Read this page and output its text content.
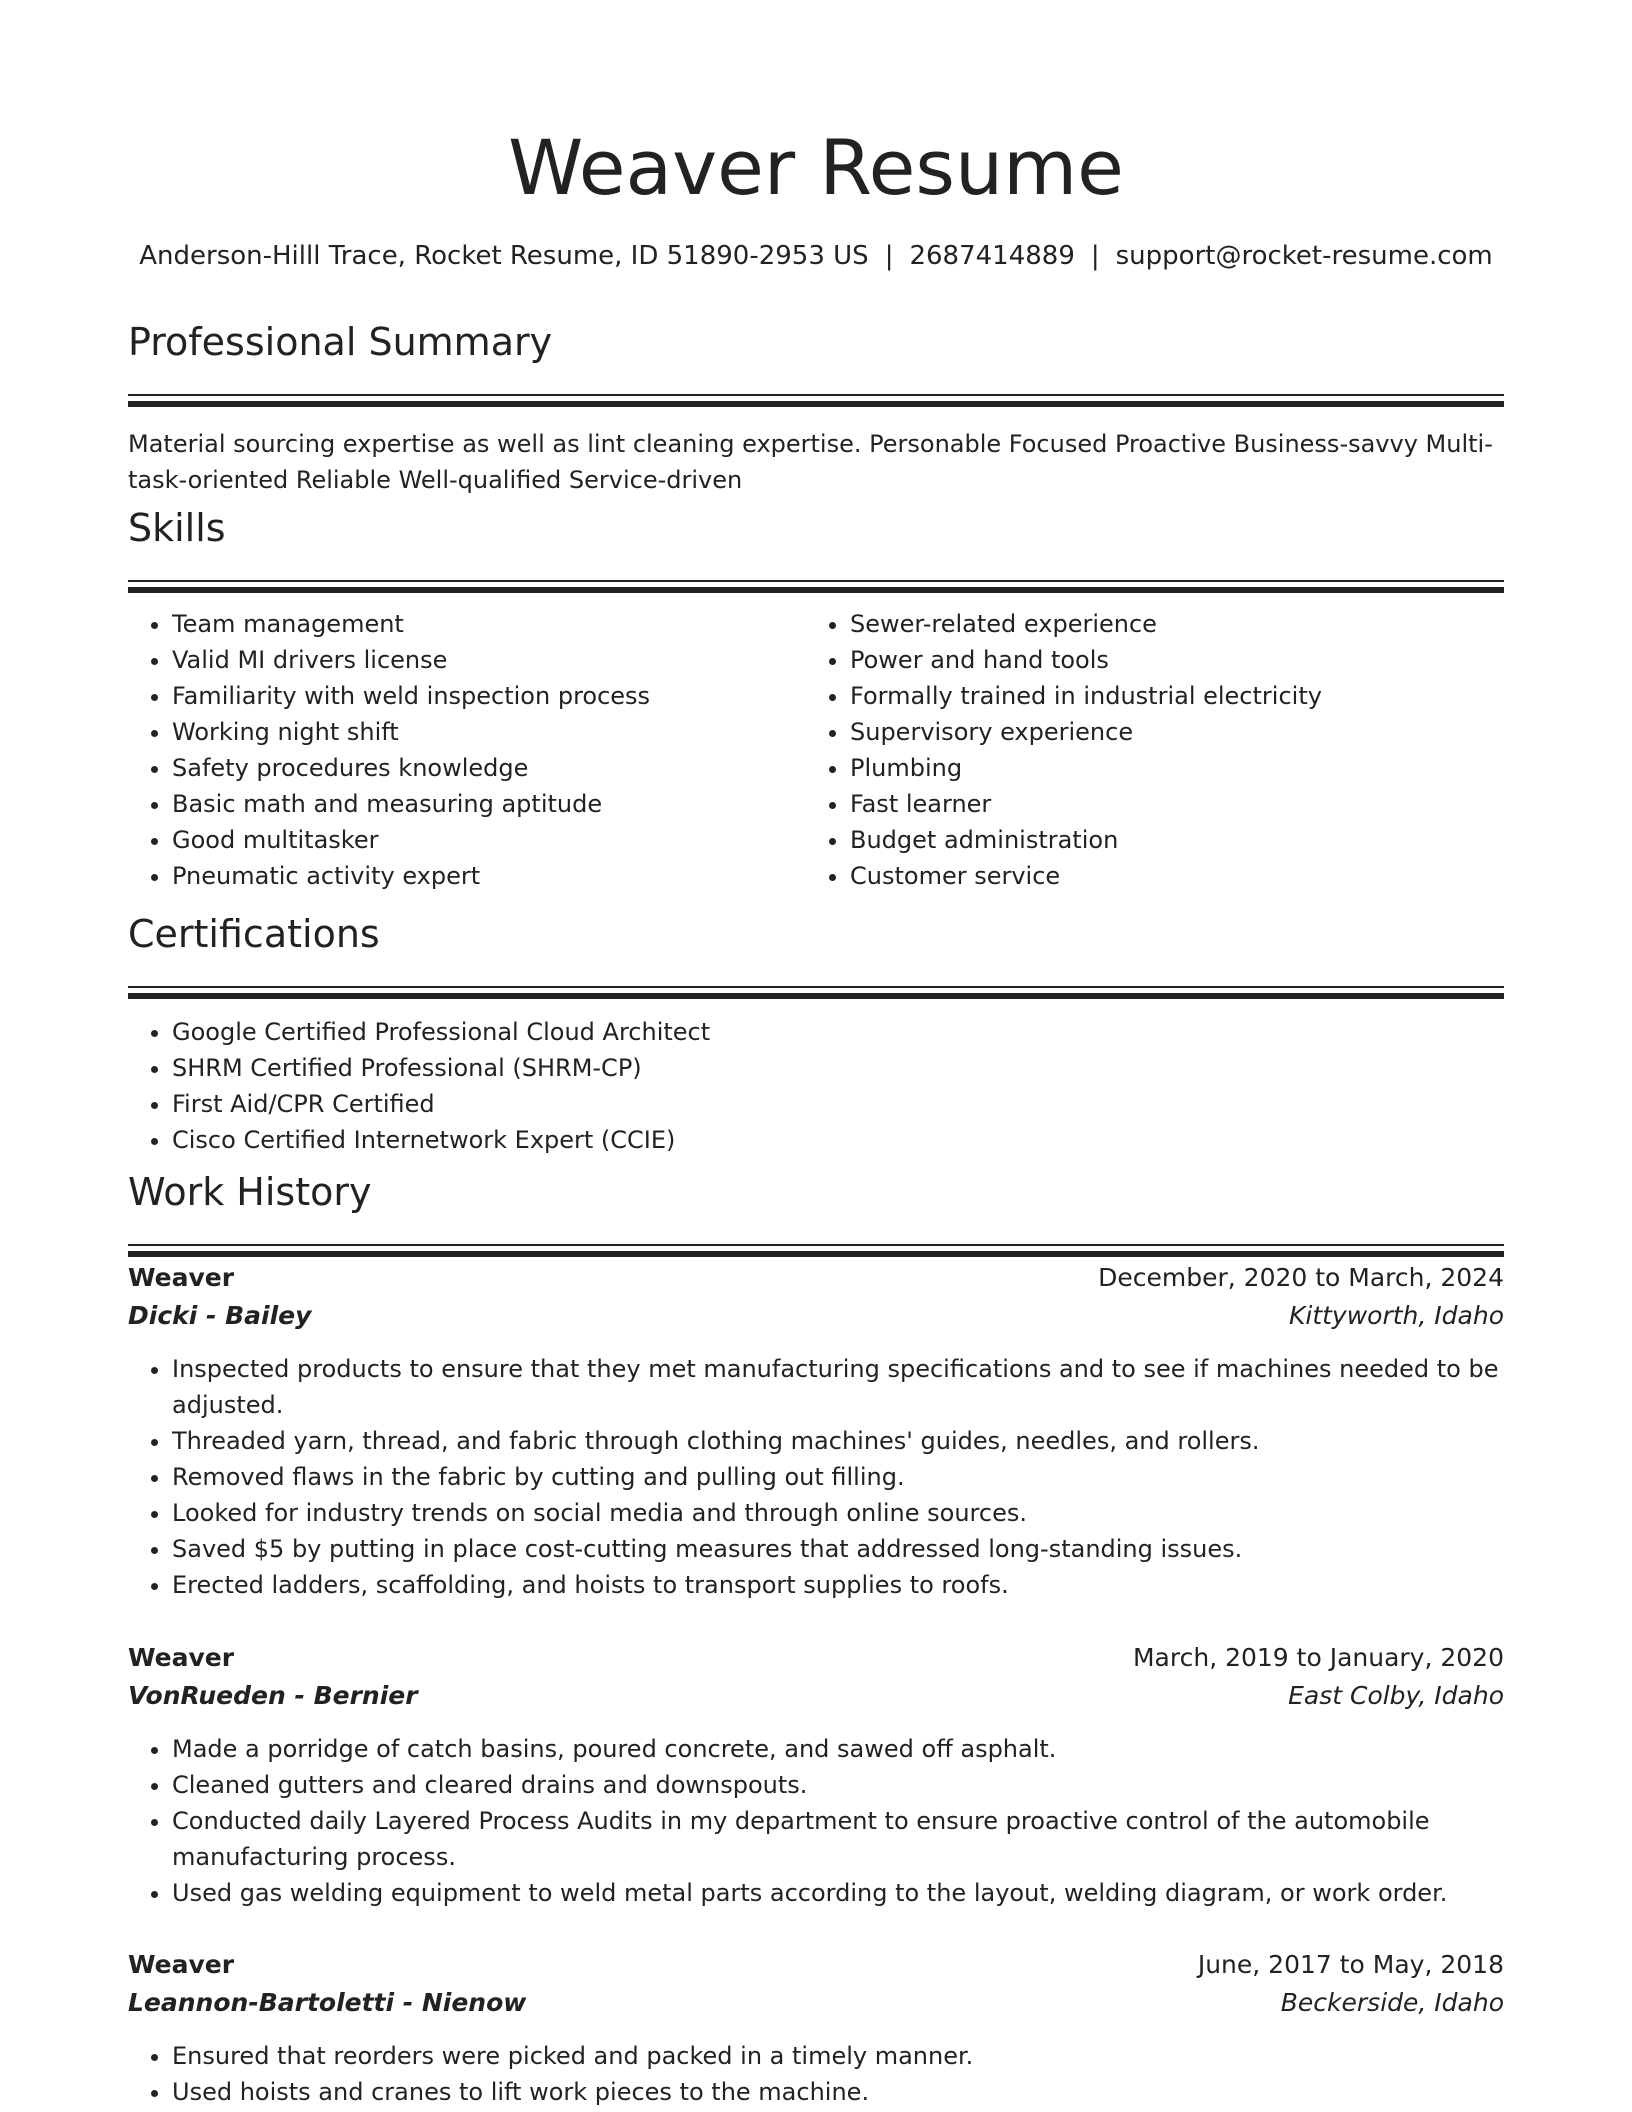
Weaver Resume
Anderson-Hilll Trace, Rocket Resume, ID 51890-2953 US | 2687414889 | support@rocket-resume.com
Professional Summary

Material sourcing expertise as well as lint cleaning expertise. Personable Focused Proactive Business-savvy Multi-task-oriented Reliable Well-qualified Service-driven

Skills
• Team management
• Valid MI drivers license
• Familiarity with weld inspection process
• Working night shift
• Safety procedures knowledge
• Basic math and measuring aptitude
• Good multitasker
• Pneumatic activity expert
• Sewer-related experience
• Power and hand tools
• Formally trained in industrial electricity
• Supervisory experience
• Plumbing
• Fast learner
• Budget administration
• Customer service
Certifications
• Google Certified Professional Cloud Architect
• SHRM Certified Professional (SHRM-CP)
• First Aid/CPR Certified
• Cisco Certified Internetwork Expert (CCIE)
Work History
Weaver	December, 2020 to March, 2024
Dicki - Bailey	Kittyworth, Idaho
• Inspected products to ensure that they met manufacturing specifications and to see if machines needed to be adjusted.
• Threaded yarn, thread, and fabric through clothing machines' guides, needles, and rollers.
• Removed flaws in the fabric by cutting and pulling out filling.
• Looked for industry trends on social media and through online sources.
• Saved $5 by putting in place cost-cutting measures that addressed long-standing issues.
• Erected ladders, scaffolding, and hoists to transport supplies to roofs.
Weaver	March, 2019 to January, 2020
VonRueden - Bernier	East Colby, Idaho
• Made a porridge of catch basins, poured concrete, and sawed off asphalt.
• Cleaned gutters and cleared drains and downspouts.
• Conducted daily Layered Process Audits in my department to ensure proactive control of the automobile manufacturing process.
• Used gas welding equipment to weld metal parts according to the layout, welding diagram, or work order.
Weaver	June, 2017 to May, 2018
Leannon-Bartoletti - Nienow	Beckerside, Idaho
• Ensured that reorders were picked and packed in a timely manner.
• Used hoists and cranes to lift work pieces to the machine.
